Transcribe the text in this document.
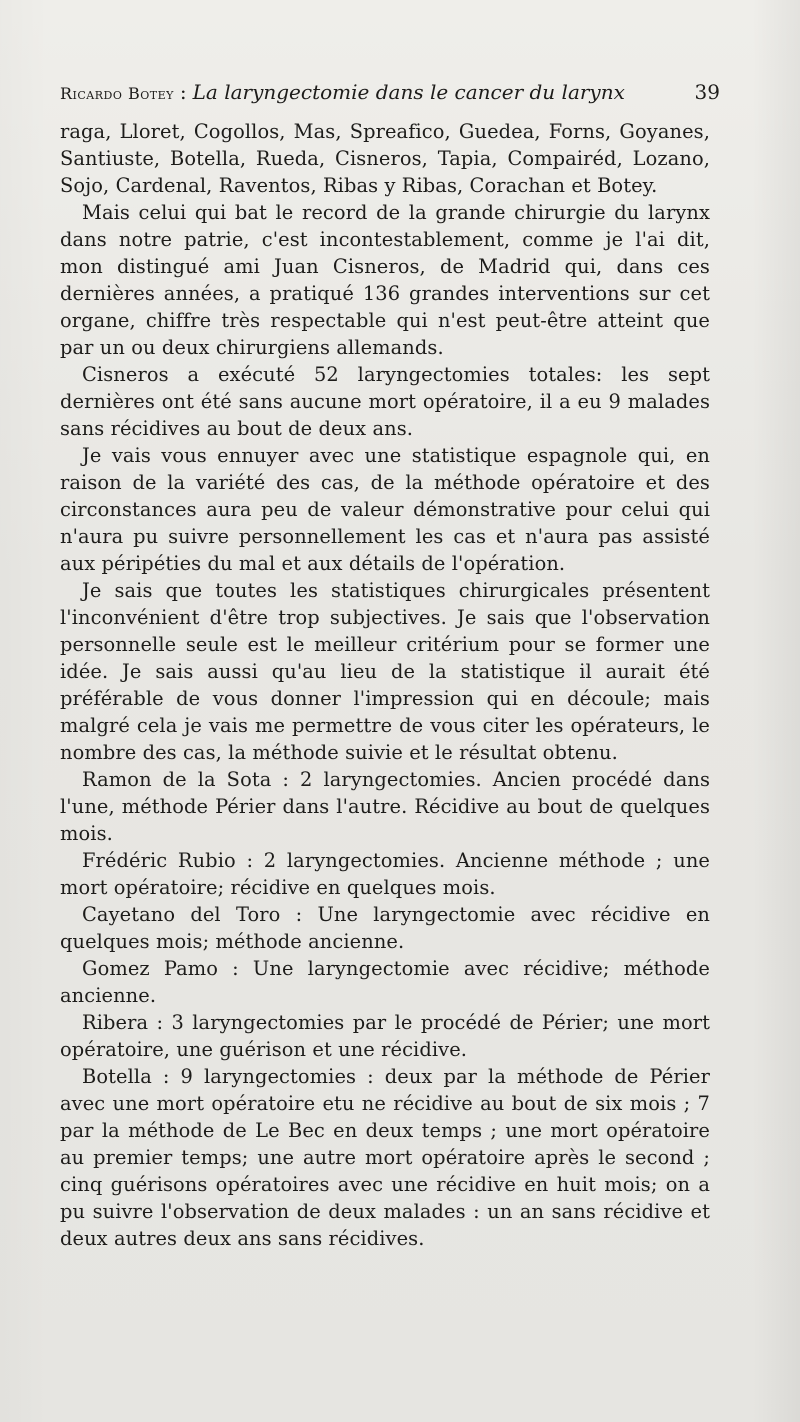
Ricardo Botey : La laryngectomie dans le cancer du larynx	39

raga, Lloret, Cogollos, Mas, Spreafico, Guedea, Forns, Goyanes, Santiuste, Botella, Rueda, Cisneros, Tapia, Compairéd, Lozano, Sojo, Cardenal, Raventos, Ribas y Ribas, Corachan et Botey.

Mais celui qui bat le record de la grande chirurgie du larynx dans notre patrie, c'est incontestablement, comme je l'ai dit, mon distingué ami Juan Cisneros, de Madrid qui, dans ces dernières années, a pratiqué 136 grandes interventions sur cet organe, chiffre très respectable qui n'est peut-être atteint que par un ou deux chirurgiens allemands.

Cisneros a exécuté 52 laryngectomies totales: les sept dernières ont été sans aucune mort opératoire, il a eu 9 malades sans récidives au bout de deux ans.

Je vais vous ennuyer avec une statistique espagnole qui, en raison de la variété des cas, de la méthode opératoire et des circonstances aura peu de valeur démonstrative pour celui qui n'aura pu suivre personnellement les cas et n'aura pas assisté aux péripéties du mal et aux détails de l'opération.

Je sais que toutes les statistiques chirurgicales présentent l'inconvénient d'être trop subjectives. Je sais que l'observation personnelle seule est le meilleur critérium pour se former une idée. Je sais aussi qu'au lieu de la statistique il aurait été préférable de vous donner l'impression qui en découle; mais malgré cela je vais me permettre de vous citer les opérateurs, le nombre des cas, la méthode suivie et le résultat obtenu.

Ramon de la Sota : 2 laryngectomies. Ancien procédé dans l'une, méthode Périer dans l'autre. Récidive au bout de quelques mois.

Frédéric Rubio : 2 laryngectomies. Ancienne méthode ; une mort opératoire; récidive en quelques mois.

Cayetano del Toro : Une laryngectomie avec récidive en quelques mois; méthode ancienne.

Gomez Pamo : Une laryngectomie avec récidive; méthode ancienne.

Ribera : 3 laryngectomies par le procédé de Périer; une mort opératoire, une guérison et une récidive.

Botella : 9 laryngectomies : deux par la méthode de Périer avec une mort opératoire etu ne récidive au bout de six mois ; 7 par la méthode de Le Bec en deux temps ; une mort opératoire au premier temps; une autre mort opératoire après le second ; cinq guérisons opératoires avec une récidive en huit mois; on a pu suivre l'observation de deux malades : un an sans récidive et deux autres deux ans sans récidives.
